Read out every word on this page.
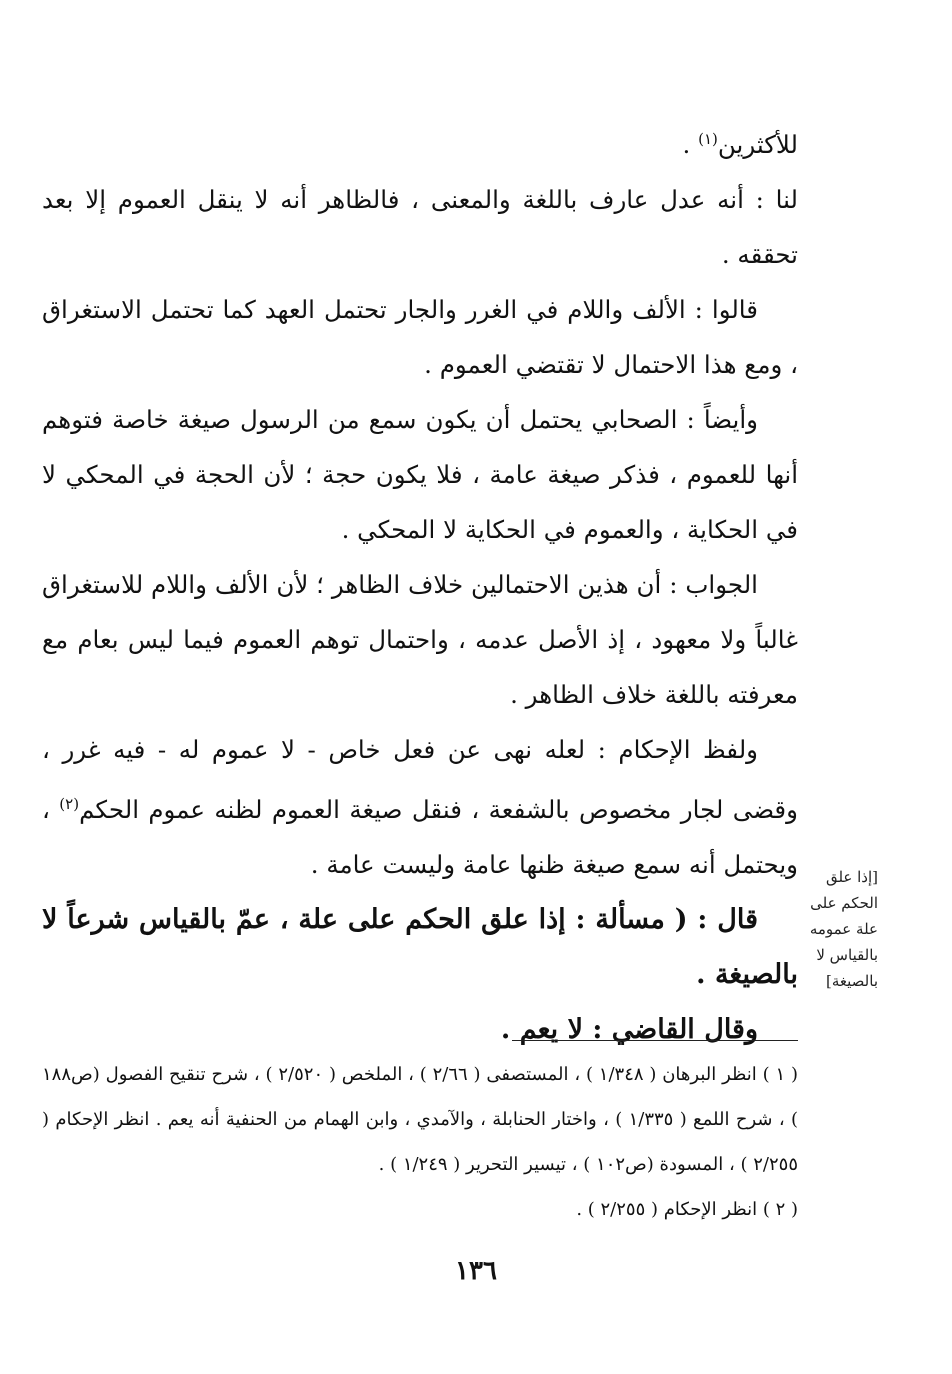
للأكثرين$^{(١)}$ .

لنا : أنه عدل عارف باللغة والمعنى ، فالظاهر أنه لا ينقل العموم إلا بعد تحققه .

قالوا : الألف واللام في الغرر والجار تحتمل العهد كما تحتمل الاستغراق ، ومع هذا الاحتمال لا تقتضي العموم .

وأيضاً : الصحابي يحتمل أن يكون سمع من الرسول صيغة خاصة فتوهم أنها للعموم ، فذكر صيغة عامة ، فلا يكون حجة ؛ لأن الحجة في المحكي لا في الحكاية ، والعموم في الحكاية لا المحكي .

الجواب : أن هذين الاحتمالين خلاف الظاهر ؛ لأن الألف واللام للاستغراق غالباً ولا معهود ، إذ الأصل عدمه ، واحتمال توهم العموم فيما ليس بعام مع معرفته باللغة خلاف الظاهر .

ولفظ الإحكام : لعله نهى عن فعل خاص - لا عموم له - فيه غرر ، وقضى لجار مخصوص بالشفعة ، فنقل صيغة العموم لظنه عموم الحكم$^{(٢)}$ ، ويحتمل أنه سمع صيغة ظنها عامة وليست عامة .

قال : ( مسألة : إذا علق الحكم على علة ، عمّ بالقياس شرعاً لا بالصيغة .

وقال القاضي : لا يعم .

[إذا علق
الحكم على
علة عمومه
بالقياس لا
بالصيغة]

( ١ ) انظر البرهان ( ١/٣٤٨ ) ، المستصفى ( ٢/٦٦ ) ، الملخص ( ٢/٥٢٠ ) ، شرح تنقيح الفصول (ص١٨٨ ) ، شرح اللمع ( ١/٣٣٥ ) ، واختار الحنابلة ، والآمدي ، وابن الهمام من الحنفية أنه يعم . انظر الإحكام ( ٢/٢٥٥ ) ، المسودة (ص١٠٢ ) ، تيسير التحرير ( ١/٢٤٩ ) .

( ٢ ) انظر الإحكام ( ٢/٢٥٥ ) .

١٣٦
